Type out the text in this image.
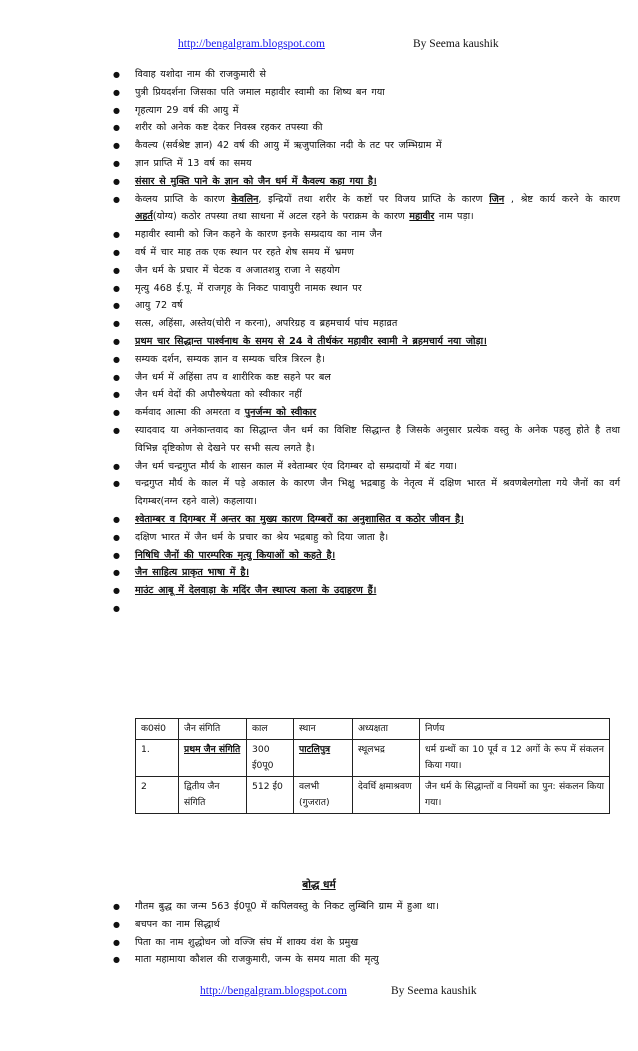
http://bengalgram.blogspot.com	By Seema kaushik
● विवाह यशोदा नाम की राजकुमारी से
● पुत्री प्रियदर्शना जिसका पति जमाल महावीर स्वामी का शिष्य बन गया
● गृहत्याग 29 वर्ष की आयु में
● शरीर को अनेक कष्ट देकर निवस्त्र रहकर तपस्या की
● कैवल्य (सर्वश्रेष्ट ज्ञान) 42 वर्ष की आयु में ऋजुपालिका नदी के तट पर जम्भिग्राम में
● ज्ञान प्राप्ति में 13 वर्ष का समय
● संसार से मुक्ति पाने के ज्ञान को जैन धर्म में कैवल्य कहा गया है।
● केव्लय प्राप्ति के कारण केवलिन, इन्द्रियों तथा शरीर के कष्टों पर विजय प्राप्ति के कारण जिन , श्रेष्ट कार्य करने के कारण अहर्त(योग्य) कठोर तपस्या तथा साधना में अटल रहने के पराक्रम के कारण महावीर नाम पड़ा।
● महावीर स्वामी को जिन कहने के कारण इनके सम्प्रदाय का नाम जैन
● वर्ष में चार माह तक एक स्थान पर रहते शेष समय में भ्रमण
● जैन धर्म के प्रचार में चेटक व अजातशत्रु राजा ने सहयोग
● मृत्यु 468 ई.पू. में राजगृह के निकट पावापुरी नामक स्थान पर
● आयु 72 वर्ष
● सत्स, अहिंसा, अस्तेय(चोरी न करना), अपरिग्रह व ब्रहमचार्य पांच महाव्रत
● प्रथम चार सिद्धान्त पार्श्वनाथ के समय से 24 वे तीर्थकंर महावीर स्वामी ने ब्रहमचार्य नया जोड़ा।
● सम्यक दर्शन, सम्यक ज्ञान व सम्यक चरित्र त्रिरत्न है।
● जैन धर्म में अहिंसा तप व शारीरिक कष्ट सहने पर बल
● जैन धर्म वेदों की अपौरुषेयता को स्वीकार नहीं
● कर्मवाद आत्मा की अमरता व पुनर्जन्म को स्वीकार
● स्यादवाद या अनेकान्तवाद का सिद्धान्त जैन धर्म का विशिष्ट सिद्धान्त है जिसके अनुसार प्रत्येक वस्तु के अनेक पहलु होते है तथा विभिन्न दृष्टिकोण से देखने पर सभी सत्य लगते है।
● जैन धर्म चन्द्रगुप्त मौर्य के शासन काल में श्वेताम्बर एंव दिगम्बर दो सम्प्रदायों में बंट गया।
● चन्द्रगुप्त मौर्य के काल में पड़े अकाल के कारण जैन भिक्षु भद्रबाहु के नेतृत्व में दक्षिण भारत में श्रवणबेलगोला गये जैनों का वर्ग दिगम्बर(नग्न रहने वाले) कहलाया।
● श्वेताम्बर व दिगम्बर में अन्तर का मुख्य कारण दिग्म्बरों का अनुशाासित व कठोर जीवन है।
● दक्षिण भारत में जैन धर्म के प्रचार का श्रेय भद्रबाहु को दिया जाता है।
● निषिधि जैनों की पारम्परिक मृत्यु कियाओं को कहते है।
● जैन साहित्य प्राकृत भाषा में है।
● माउंट आबू में देलवाड़ा के मदिंर जैन स्थाप्त्य कला के उदाहरण हैं।
●
क0सं0	जैन संगिति	काल	स्थान	अध्यक्षता	निर्णय
1.	प्रथम जैन संगिति	300 ई0पू0	पाटलिपुत्र	स्थूलभद्र	धर्म ग्रन्थों का 10 पूर्व व 12 अगों के रूप में संकलन किया गया।
2	द्वितीय जैन संगिति	512 ई0	वलभी (गुजरात)	देवर्धि क्षमाश्रवण	जैन धर्म के सिद्धान्तों व नियमों का पुन: संकलन किया गया।
बोद्ध धर्म
● गौतम बुद्ध का जन्म 563 ई0पू0 में कपिलवस्तु के निकट लुम्बिनि ग्राम में हुआ था।
● बचपन का नाम सिद्धार्थ
● पिता का नाम शुद्धोधन जो वज्जि संघ में शाक्य वंश के प्रमुख
● माता महामाया कौशल की राजकुमारी, जन्म के समय माता की मृत्यु
http://bengalgram.blogspot.com	By Seema kaushik
